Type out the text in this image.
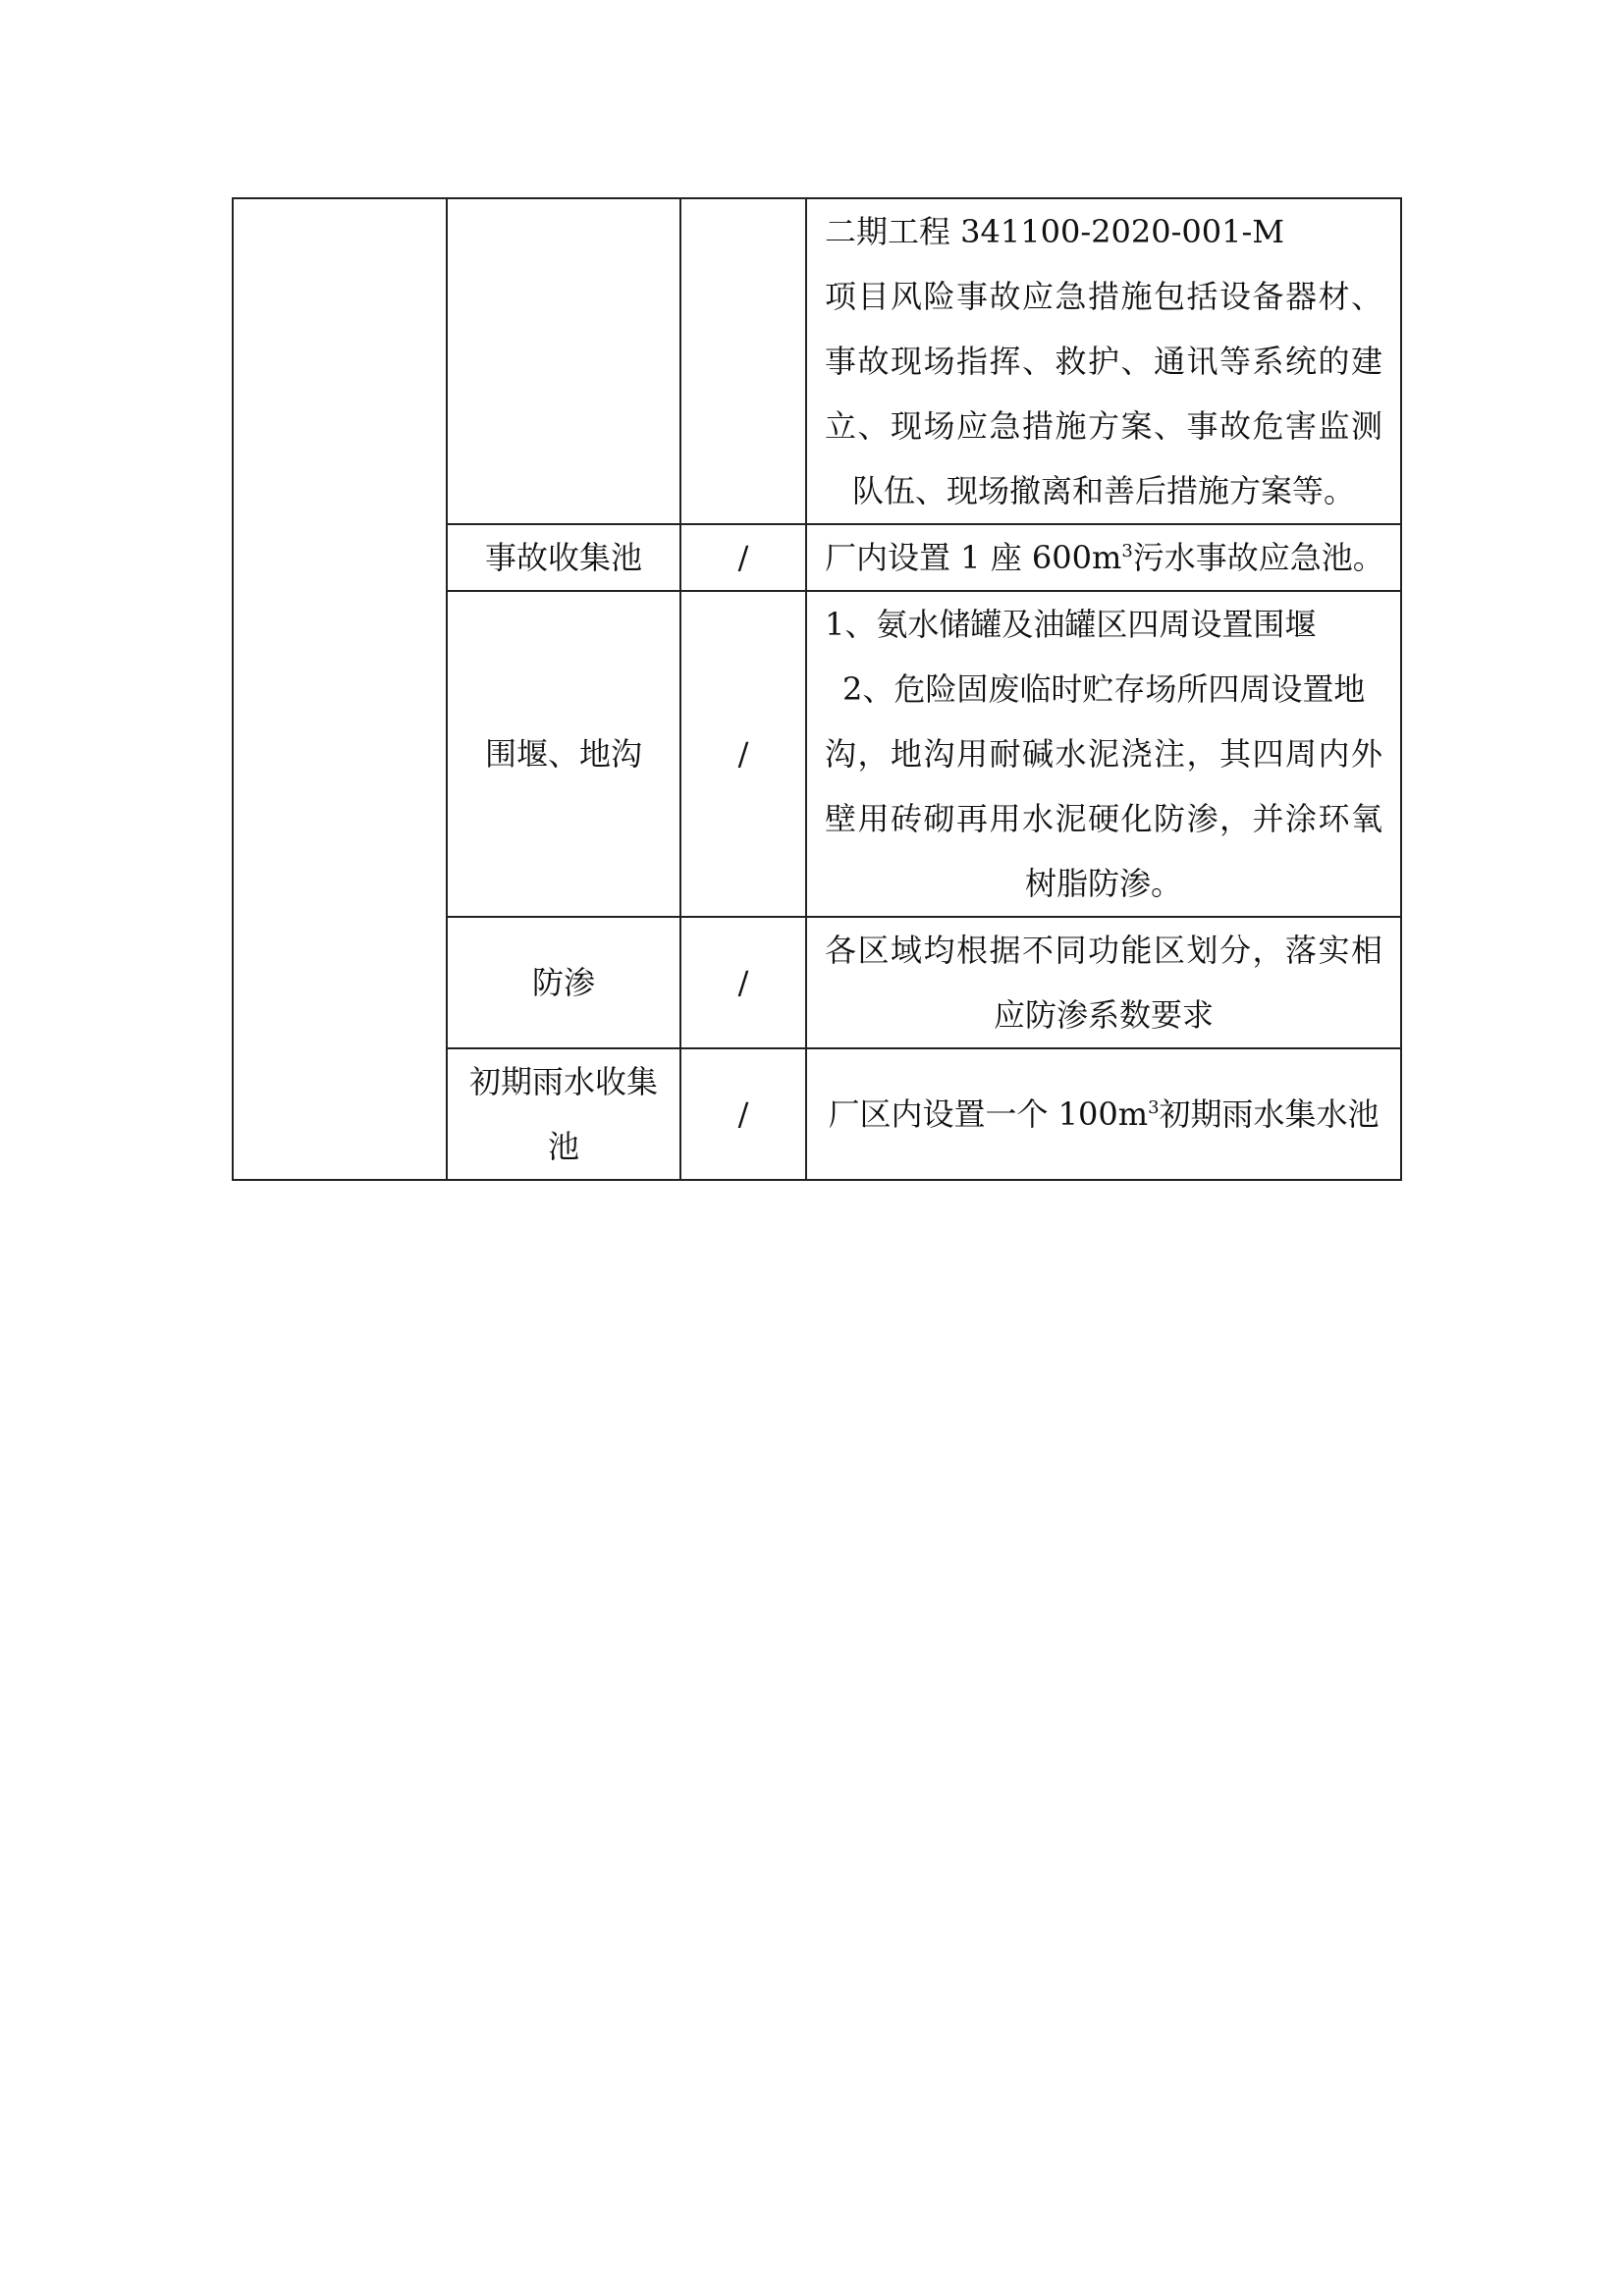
			二期工程 341100-2020-001-M
项目风险事故应急措施包括设备器材、
事故现场指挥、救护、通讯等系统的建
立、现场应急措施方案、事故危害监测
队伍、现场撤离和善后措施方案等。

	事故收集池	/	厂内设置 1 座 $600m^3$污水事故应急池。

	围堰、地沟	/	1、氨水储罐及油罐区四周设置围堰
2、危险固废临时贮存场所四周设置地
沟，地沟用耐碱水泥浇注，其四周内外
壁用砖砌再用水泥硬化防渗，并涂环氧
树脂防渗。

	防渗	/	各区域均根据不同功能区划分，落实相
应防渗系数要求

	初期雨水收集
池	/	厂区内设置一个 $100m^3$初期雨水集水池
